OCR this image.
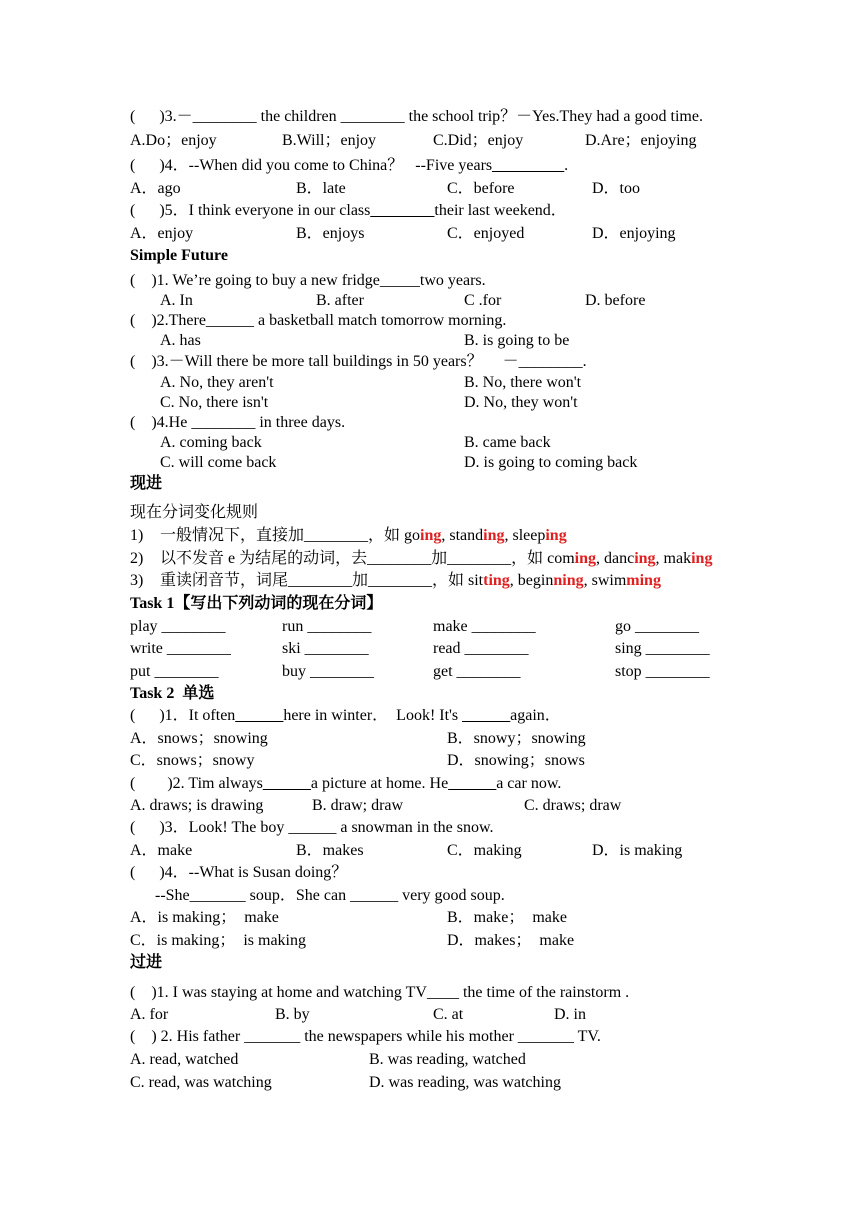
(      )3.－________ the children ________ the school trip？－Yes.They had a good time.
A.Do；enjoy	B.Will；enjoy	C.Did；enjoy	D.Are；enjoying
(      )4．--When did you come to China？   --Five years_________.
A．ago	B．late	C．before	D．too
(      )5．I think everyone in our class________their last weekend．
A．enjoy	B．enjoys	C．enjoyed	D．enjoying
Simple Future
(    )1. We’re going to buy a new fridge_____two years.
A. In	B. after	C .for	D. before
(    )2.There______ a basketball match tomorrow morning.
A. has	B. is going to be
(    )3.－Will there be more tall buildings in 50 years？     －________.
A. No, they aren't	B. No, there won't
C. No, there isn't	D. No, they won't
(    )4.He ________ in three days.
A. coming back	B. came back
C. will come back	D. is going to coming back
现进
现在分词变化规则
1) 一般情况下，直接加________，如 going, standing, sleeping
2) 以不发音 e 为结尾的动词，去________加________，如 coming, dancing, making
3) 重读闭音节，词尾________加________，如 sitting, beginning, swimming
Task 1【写出下列动词的现在分词】
play ________	run ________	make ________	go ________
write ________	ski ________	read ________	sing ________
put ________	buy ________	get ________	stop ________
Task 2  单选
(      )1．It often______here in winter．  Look! It's ______again．
A．snows；snowing	B．snowy；snowing
C．snows；snowy	D．snowing；snows
(        )2. Tim always______a picture at home. He______a car now.
A. draws; is drawing	B. draw; draw	C. draws; draw
(      )3．Look! The boy ______ a snowman in the snow.
A．make	B．makes	C．making	D．is making
(      )4．--What is Susan doing？
--She_______ soup．She can ______ very good soup.
A．is making；  make	B．make；  make
C．is making；  is making	D．makes；  make
过进
(    )1. I was staying at home and watching TV____ the time of the rainstorm .
A. for	B. by	C. at	D. in
(    ) 2. His father _______ the newspapers while his mother _______ TV.
A. read, watched	B. was reading, watched
C. read, was watching	D. was reading, was watching
